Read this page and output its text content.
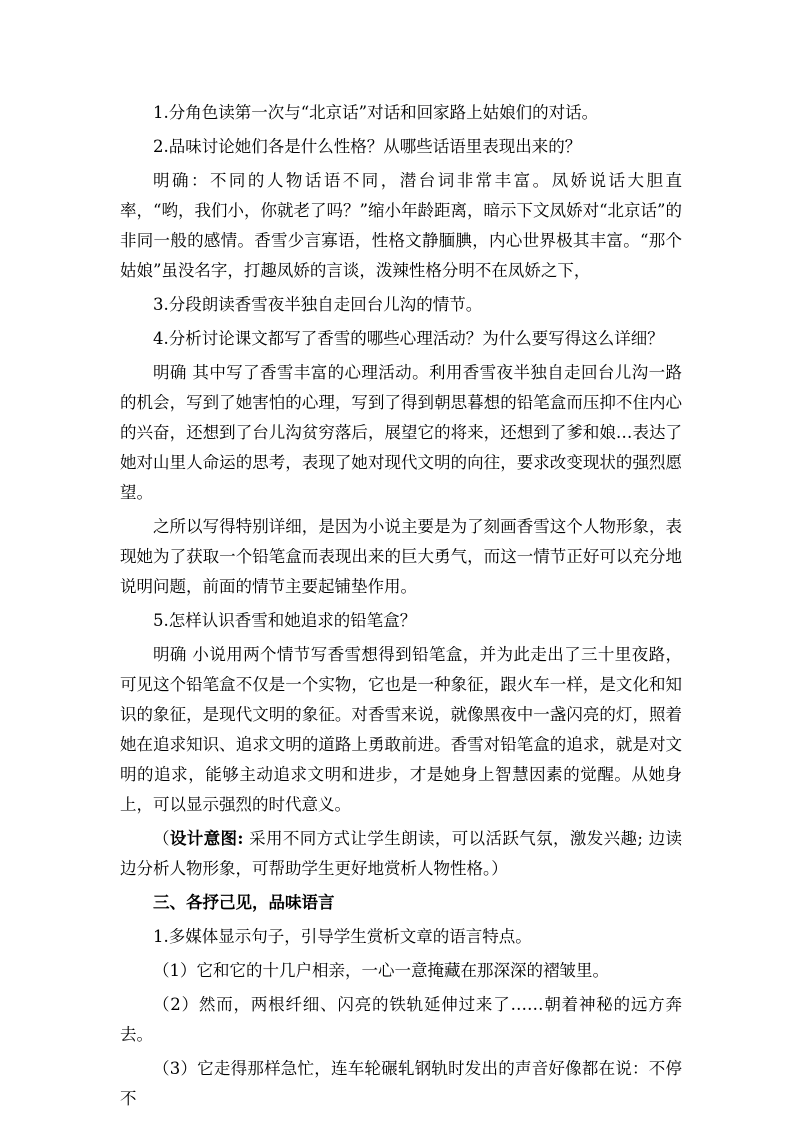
1.分角色读第一次与“北京话”对话和回家路上姑娘们的对话。

2.品味讨论她们各是什么性格？从哪些话语里表现出来的？

明确：不同的人物话语不同，潜台词非常丰富。凤娇说话大胆直率，“哟，我们小，你就老了吗？”缩小年龄距离，暗示下文凤娇对“北京话”的非同一般的感情。香雪少言寡语，性格文静腼腆，内心世界极其丰富。“那个姑娘”虽没名字，打趣凤娇的言谈，泼辣性格分明不在凤娇之下，

3.分段朗读香雪夜半独自走回台儿沟的情节。

4.分析讨论课文都写了香雪的哪些心理活动？为什么要写得这么详细？

明确 其中写了香雪丰富的心理活动。利用香雪夜半独自走回台儿沟一路的机会，写到了她害怕的心理，写到了得到朝思暮想的铅笔盒而压抑不住内心的兴奋，还想到了台儿沟贫穷落后，展望它的将来，还想到了爹和娘…表达了她对山里人命运的思考，表现了她对现代文明的向往，要求改变现状的强烈愿望。

之所以写得特别详细，是因为小说主要是为了刻画香雪这个人物形象，表现她为了获取一个铅笔盒而表现出来的巨大勇气，而这一情节正好可以充分地说明问题，前面的情节主要起铺垫作用。

5.怎样认识香雪和她追求的铅笔盒？

明确 小说用两个情节写香雪想得到铅笔盒，并为此走出了三十里夜路，可见这个铅笔盒不仅是一个实物，它也是一种象征，跟火车一样，是文化和知识的象征，是现代文明的象征。对香雪来说，就像黑夜中一盏闪亮的灯，照着她在追求知识、追求文明的道路上勇敢前进。香雪对铅笔盒的追求，就是对文明的追求，能够主动追求文明和进步，才是她身上智慧因素的觉醒。从她身上，可以显示强烈的时代意义。

（设计意图: 采用不同方式让学生朗读，可以活跃气氛，激发兴趣; 边读边分析人物形象，可帮助学生更好地赏析人物性格。）

三、各抒己见，品味语言

1.多媒体显示句子，引导学生赏析文章的语言特点。

（1）它和它的十几户相亲，一心一意掩藏在那深深的褶皱里。

（2）然而，两根纤细、闪亮的铁轨延伸过来了……朝着神秘的远方奔去。

（3）它走得那样急忙，连车轮碾轧钢轨时发出的声音好像都在说：不停不
